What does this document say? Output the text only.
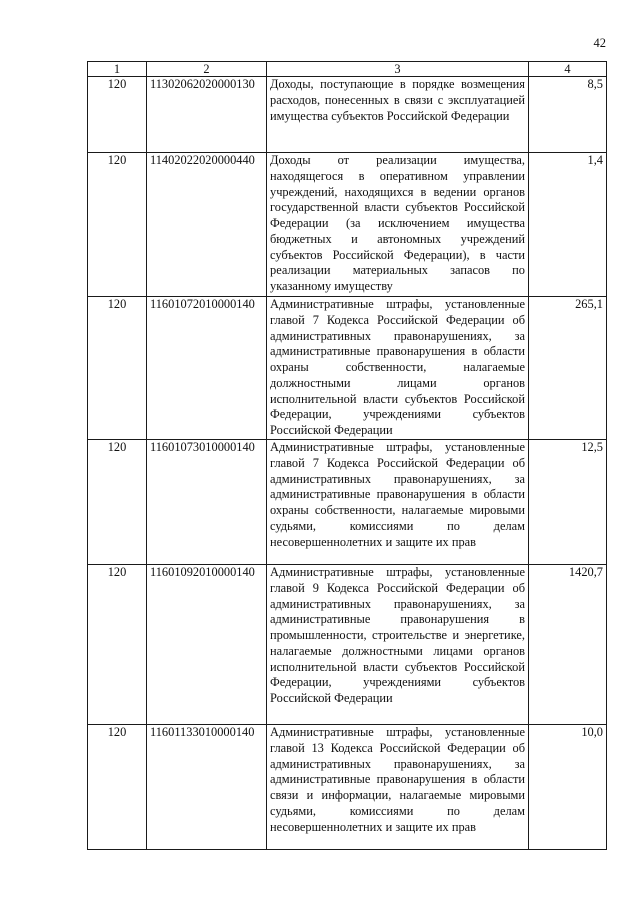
42
1	2	3	4
120	11302062020000130	Доходы, поступающие в порядке возмещения расходов, понесенных в связи с эксплуатацией имущества субъектов Российской Федерации	8,5
120	11402022020000440	Доходы от реализации имущества, находящегося в оперативном управлении учреждений, находящихся в ведении органов государственной власти субъектов Российской Федерации (за исключением имущества бюджетных и автономных учреждений субъектов Российской Федерации), в части реализации материальных запасов по указанному имуществу	1,4
120	11601072010000140	Административные штрафы, установленные главой 7 Кодекса Российской Федерации об административных правонарушениях, за административные правонарушения в области охраны собственности, налагаемые должностными лицами органов исполнительной власти субъектов Российской Федерации, учреждениями субъектов Российской Федерации	265,1
120	11601073010000140	Административные штрафы, установленные главой 7 Кодекса Российской Федерации об административных правонарушениях, за административные правонарушения в области охраны собственности, налагаемые мировыми судьями, комиссиями по делам несовершеннолетних и защите их прав	12,5
120	11601092010000140	Административные штрафы, установленные главой 9 Кодекса Российской Федерации об административных правонарушениях, за административные правонарушения в промышленности, строительстве и энергетике, налагаемые должностными лицами органов исполнительной власти субъектов Российской Федерации, учреждениями субъектов Российской Федерации	1420,7
120	11601133010000140	Административные штрафы, установленные главой 13 Кодекса Российской Федерации об административных правонарушениях, за административные правонарушения в области связи и информации, налагаемые мировыми судьями, комиссиями по делам несовершеннолетних и защите их прав	10,0
